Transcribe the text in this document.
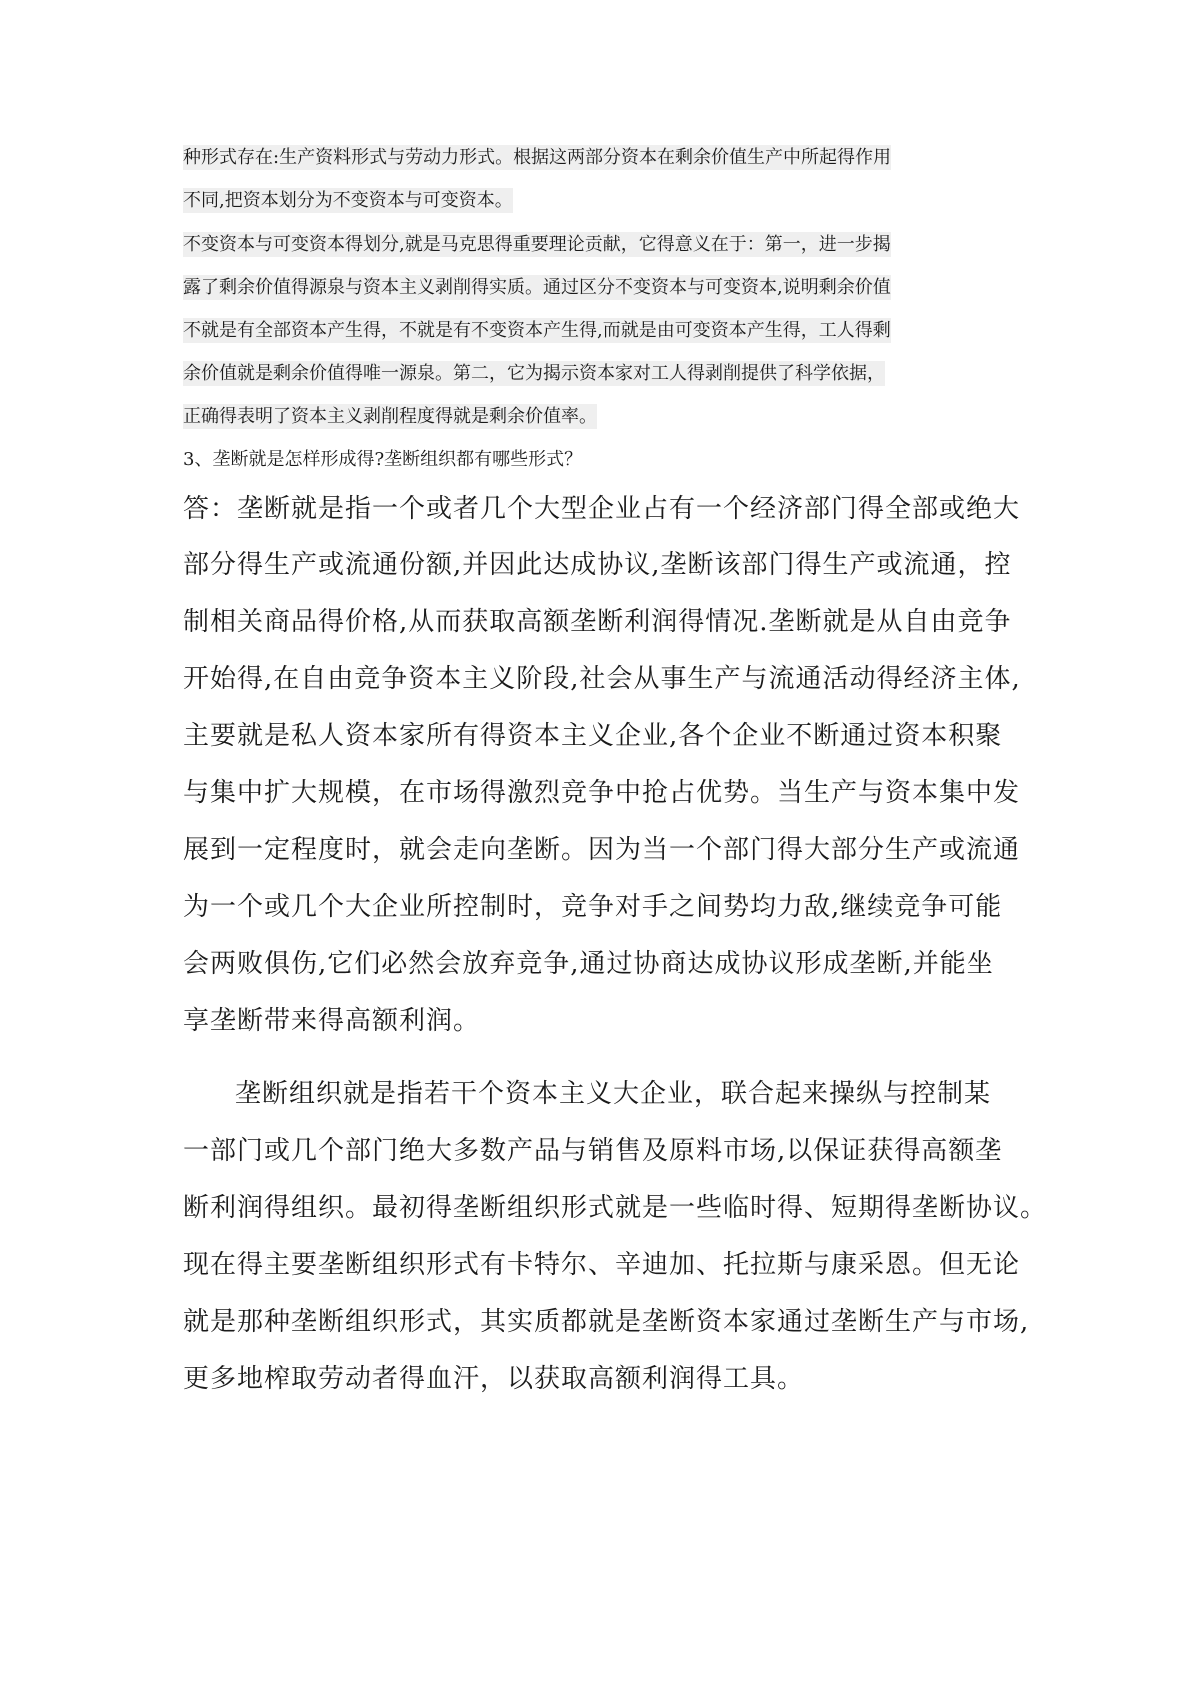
种形式存在:生产资料形式与劳动力形式。根据这两部分资本在剩余价值生产中所起得作用
不同,把资本划分为不变资本与可变资本。
不变资本与可变资本得划分,就是马克思得重要理论贡献，它得意义在于：第一，进一步揭
露了剩余价值得源泉与资本主义剥削得实质。通过区分不变资本与可变资本,说明剩余价值
不就是有全部资本产生得，不就是有不变资本产生得,而就是由可变资本产生得，工人得剩
余价值就是剩余价值得唯一源泉。第二，它为揭示资本家对工人得剥削提供了科学依据，
正确得表明了资本主义剥削程度得就是剩余价值率。
3、垄断就是怎样形成得?垄断组织都有哪些形式？
答：垄断就是指一个或者几个大型企业占有一个经济部门得全部或绝大
部分得生产或流通份额,并因此达成协议,垄断该部门得生产或流通，控
制相关商品得价格,从而获取高额垄断利润得情况.垄断就是从自由竞争
开始得,在自由竞争资本主义阶段,社会从事生产与流通活动得经济主体,
主要就是私人资本家所有得资本主义企业,各个企业不断通过资本积聚
与集中扩大规模，在市场得激烈竞争中抢占优势。当生产与资本集中发
展到一定程度时，就会走向垄断。因为当一个部门得大部分生产或流通
为一个或几个大企业所控制时，竞争对手之间势均力敌,继续竞争可能
会两败俱伤,它们必然会放弃竞争,通过协商达成协议形成垄断,并能坐
享垄断带来得高额利润。
垄断组织就是指若干个资本主义大企业，联合起来操纵与控制某
一部门或几个部门绝大多数产品与销售及原料市场,以保证获得高额垄
断利润得组织。最初得垄断组织形式就是一些临时得、短期得垄断协议。
现在得主要垄断组织形式有卡特尔、辛迪加、托拉斯与康采恩。但无论
就是那种垄断组织形式，其实质都就是垄断资本家通过垄断生产与市场,
更多地榨取劳动者得血汗，以获取高额利润得工具。
